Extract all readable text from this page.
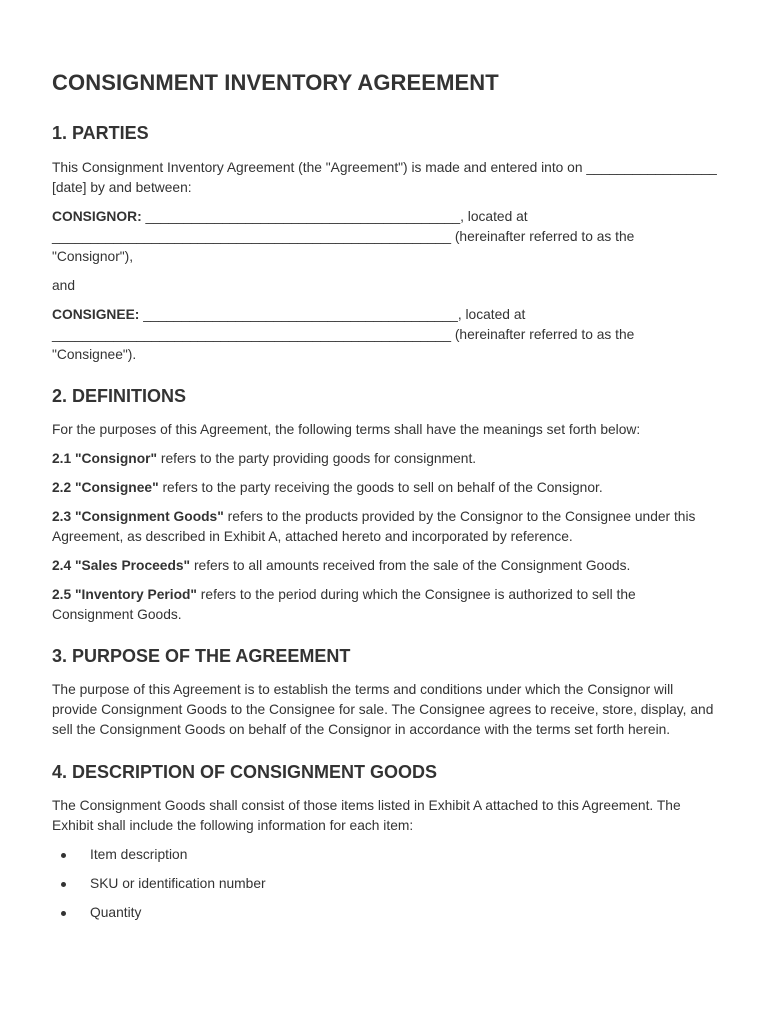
CONSIGNMENT INVENTORY AGREEMENT
1. PARTIES

This Consignment Inventory Agreement (the "Agreement") is made and entered into on _________________ [date] by and between:

CONSIGNOR: _________________________________________, located at ____________________________________________________ (hereinafter referred to as the "Consignor"),

and

CONSIGNEE: _________________________________________, located at ____________________________________________________ (hereinafter referred to as the "Consignee").

2. DEFINITIONS

For the purposes of this Agreement, the following terms shall have the meanings set forth below:

2.1 "Consignor" refers to the party providing goods for consignment.

2.2 "Consignee" refers to the party receiving the goods to sell on behalf of the Consignor.

2.3 "Consignment Goods" refers to the products provided by the Consignor to the Consignee under this Agreement, as described in Exhibit A, attached hereto and incorporated by reference.

2.4 "Sales Proceeds" refers to all amounts received from the sale of the Consignment Goods.

2.5 "Inventory Period" refers to the period during which the Consignee is authorized to sell the Consignment Goods.

3. PURPOSE OF THE AGREEMENT

The purpose of this Agreement is to establish the terms and conditions under which the Consignor will provide Consignment Goods to the Consignee for sale. The Consignee agrees to receive, store, display, and sell the Consignment Goods on behalf of the Consignor in accordance with the terms set forth herein.

4. DESCRIPTION OF CONSIGNMENT GOODS

The Consignment Goods shall consist of those items listed in Exhibit A attached to this Agreement. The Exhibit shall include the following information for each item:

Item description
SKU or identification number
Quantity
